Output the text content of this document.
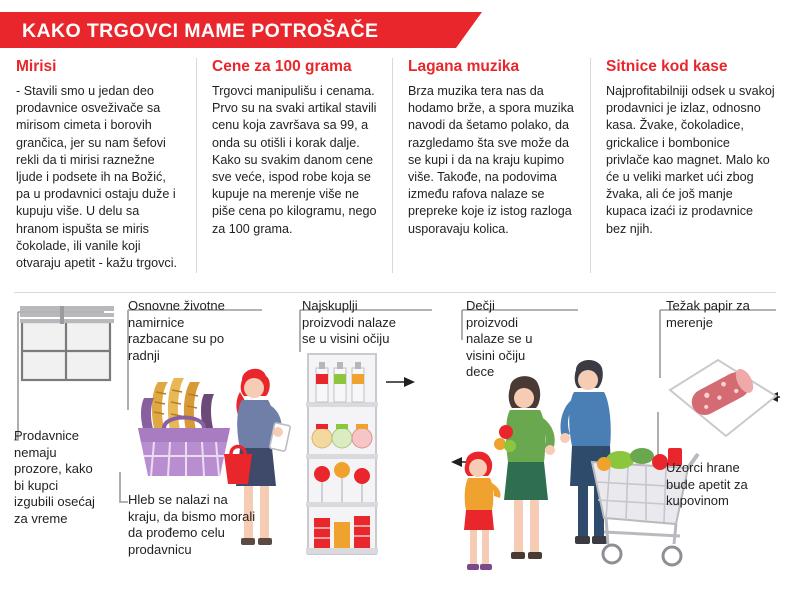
KAKO TRGOVCI MAME POTROŠAČE
Mirisi
- Stavili smo u jedan deo prodavnice osveživače sa mirisom cimeta i borovih grančica, jer su nam šefovi rekli da ti mirisi raznežne ljude i podsete ih na Božić, pa u prodavnici ostaju duže i kupuju više. U delu sa hranom ispušta se miris čokolade, ili vanile koji otvaraju apetit - kažu trgovci.
Cene za 100 grama
Trgovci manipulišu i cenama. Prvo su na svaki artikal stavili cenu koja završava sa 99, a onda su otišli i korak dalje. Kako su svakim danom cene sve veće, ispod robe koja se kupuje na merenje više ne piše cena po kilogramu, nego za 100 grama.
Lagana muzika
Brza muzika tera nas da hodamo brže, a spora muzika navodi da šetamo polako, da razgledamo šta sve može da se kupi i da na kraju kupimo više. Takođe, na podovima između rafova nalaze se prepreke koje iz istog razloga usporavaju kolica.
Sitnice kod kase
Najprofitabilniji odsek u svakoj prodavnici je izlaz, odnosno kasa. Žvake, čokoladice, grickalice i bombonice privlače kao magnet. Malo ko će u veliki market ući zbog žvaka, ali će još manje kupaca izaći iz prodavnice bez njih.
Prodavnice nemaju prozore, kako bi kupci izgubili osećaj za vreme
Osnovne životne namirnice razbacane su po radnji
Hleb se nalazi na kraju, da bismo morali da prođemo celu prodavnicu
Najskuplji proizvodi nalaze se u visini očiju
Dečji proizvodi nalaze se u visini očiju dece
Težak papir za merenje
Uzorci hrane bude apetit za kupovinom
